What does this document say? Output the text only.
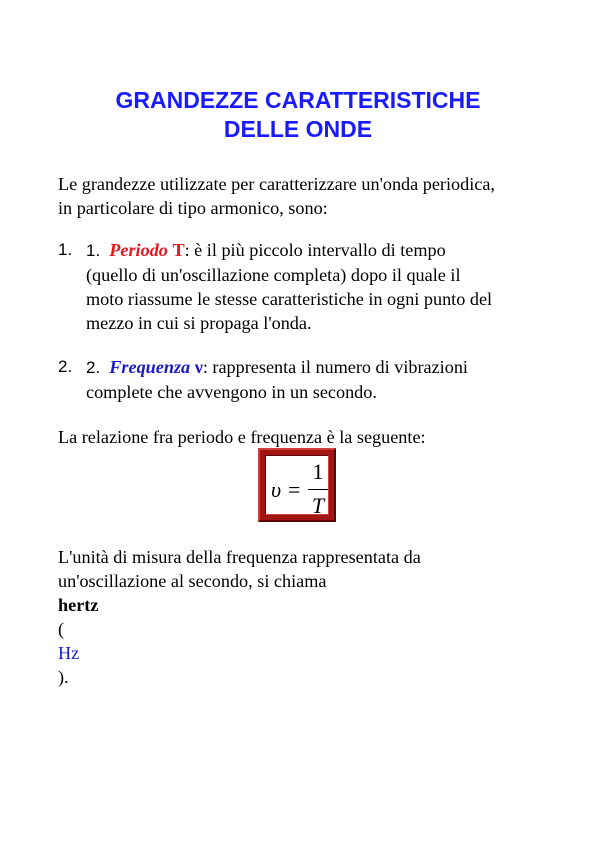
GRANDEZZE CARATTERISTICHE
DELLE ONDE

Le grandezze utilizzate per caratterizzare un'onda periodica,
in particolare di tipo armonico, sono:

1. 1. Periodo T: è il più piccolo intervallo di tempo
(quello di un'oscillazione completa) dopo il quale il
moto riassume le stesse caratteristiche in ogni punto del
mezzo in cui si propaga l'onda.
2. 2. Frequenza ν: rappresenta il numero di vibrazioni
complete che avvengono in un secondo.
La relazione fra periodo e frequenza è la seguente:
υ =
1
T

L'unità di misura della frequenza rappresentata da
un'oscillazione al secondo, si chiama
hertz
(
Hz
).
